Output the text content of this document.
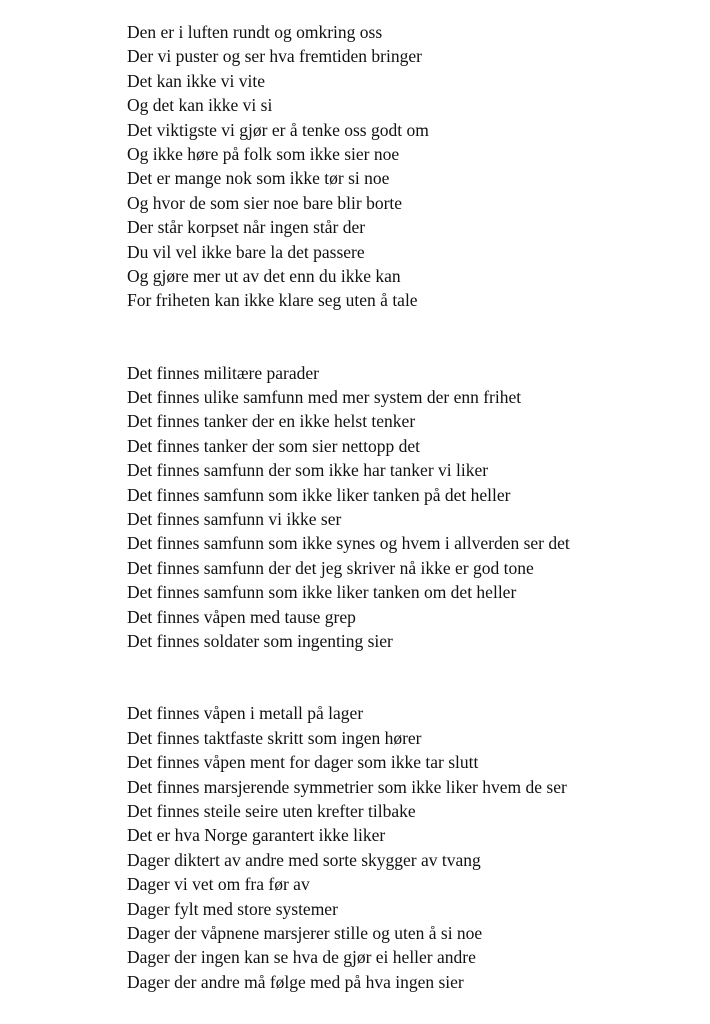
Den er i luften rundt og omkring oss
Der vi puster og ser hva fremtiden bringer
Det kan ikke vi vite
Og det kan ikke vi si
Det viktigste vi gjør er å tenke oss godt om
Og ikke høre på folk som ikke sier noe
Det er mange nok som ikke tør si noe
Og hvor de som sier noe bare blir borte
Der står korpset når ingen står der
Du vil vel ikke bare la det passere
Og gjøre mer ut av det enn du ikke kan
For friheten kan ikke klare seg uten å tale
Det finnes militære parader
Det finnes ulike samfunn med mer system der enn frihet
Det finnes tanker der en ikke helst tenker
Det finnes tanker der som sier nettopp det
Det finnes samfunn der som ikke har tanker vi liker
Det finnes samfunn som ikke liker tanken på det heller
Det finnes samfunn vi ikke ser
Det finnes samfunn som ikke synes og hvem i allverden ser det
Det finnes samfunn der det jeg skriver nå ikke er god tone
Det finnes samfunn som ikke liker tanken om det heller
Det finnes våpen med tause grep
Det finnes soldater som ingenting sier
Det finnes våpen i metall på lager
Det finnes taktfaste skritt som ingen hører
Det finnes våpen ment for dager som ikke tar slutt
Det finnes marsjerende symmetrier som ikke liker hvem de ser
Det finnes steile seire uten krefter tilbake
Det er hva Norge garantert ikke liker
Dager diktert av andre med sorte skygger av tvang
Dager vi vet om fra før av
Dager fylt med store systemer
Dager der våpnene marsjerer stille og uten å si noe
Dager der ingen kan se hva de gjør ei heller andre
Dager der andre må følge med på hva ingen sier
